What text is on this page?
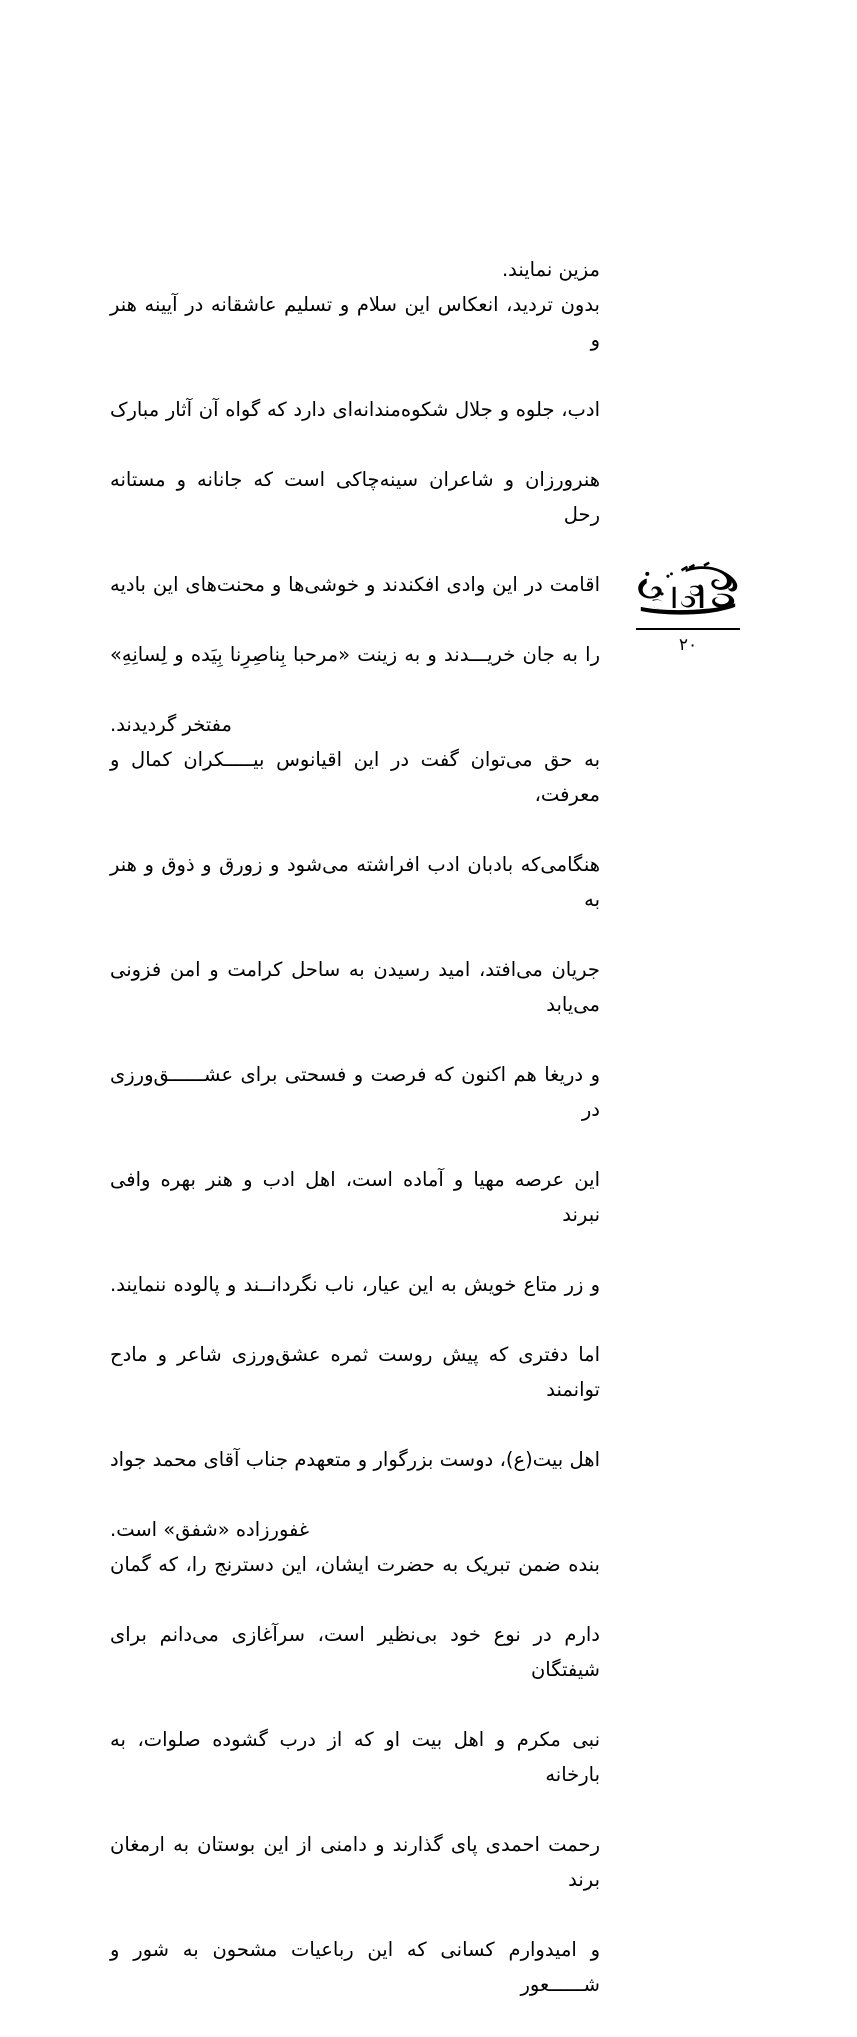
مزین نمایند.

بدون تردید، انعکاس این سلام و تسلیم عاشقانه در آیینه هنر و
ادب، جلوه و جلال شکوه‌مندانه‌ای دارد که گواه آن آثار مبارک
هنرورزان و شاعران سینه‌چاکی است که جانانه و مستانه رحل
اقامت در این وادی افکندند و خوشی‌ها و محنت‌های این بادیه
را به جان خریـــدند و به زینت «مرحبا بِناصِرِنا بِیَده و لِسانِهِ»
مفتخر گردیدند.

به حق می‌توان گفت در این اقیانوس بیـــــکران کمال و معرفت،
هنگامی‌که بادبان ادب افراشته می‌شود و زورق و ذوق و هنر به
جریان می‌افتد، امید رسیدن به ساحل کرامت و امن فزونی می‌یابد
و دریغا هم اکنون که فرصت و فسحتی برای عشــــــق‌ورزی در
این عرصه مهیا و آماده است، اهل ادب و هنر بهره وافی نبرند
و زر متاع خویش به این عیار، ناب نگردانــند و پالوده ننمایند.

اما دفتری که پیش روست ثمره عشق‌ورزی شاعر و مادح توانمند
اهل بیت(ع)، دوست بزرگوار و متعهدم جناب آقای محمد جواد
غفورزاده «شفق» است.

بنده ضمن تبریک به حضرت ایشان، این دسترنج را، که گمان
دارم در نوع خود بی‌نظیر است، سرآغازی می‌دانم برای شیفتگان
نبی مکرم و اهل بیت او که از درب گشوده صلوات، به بارخانه
رحمت احمدی پای گذارند و دامنی از این بوستان به ارمغان برند
و امیدوارم کسانی که این رباعیات مشحون به شور و شــــــعور

۲۰
